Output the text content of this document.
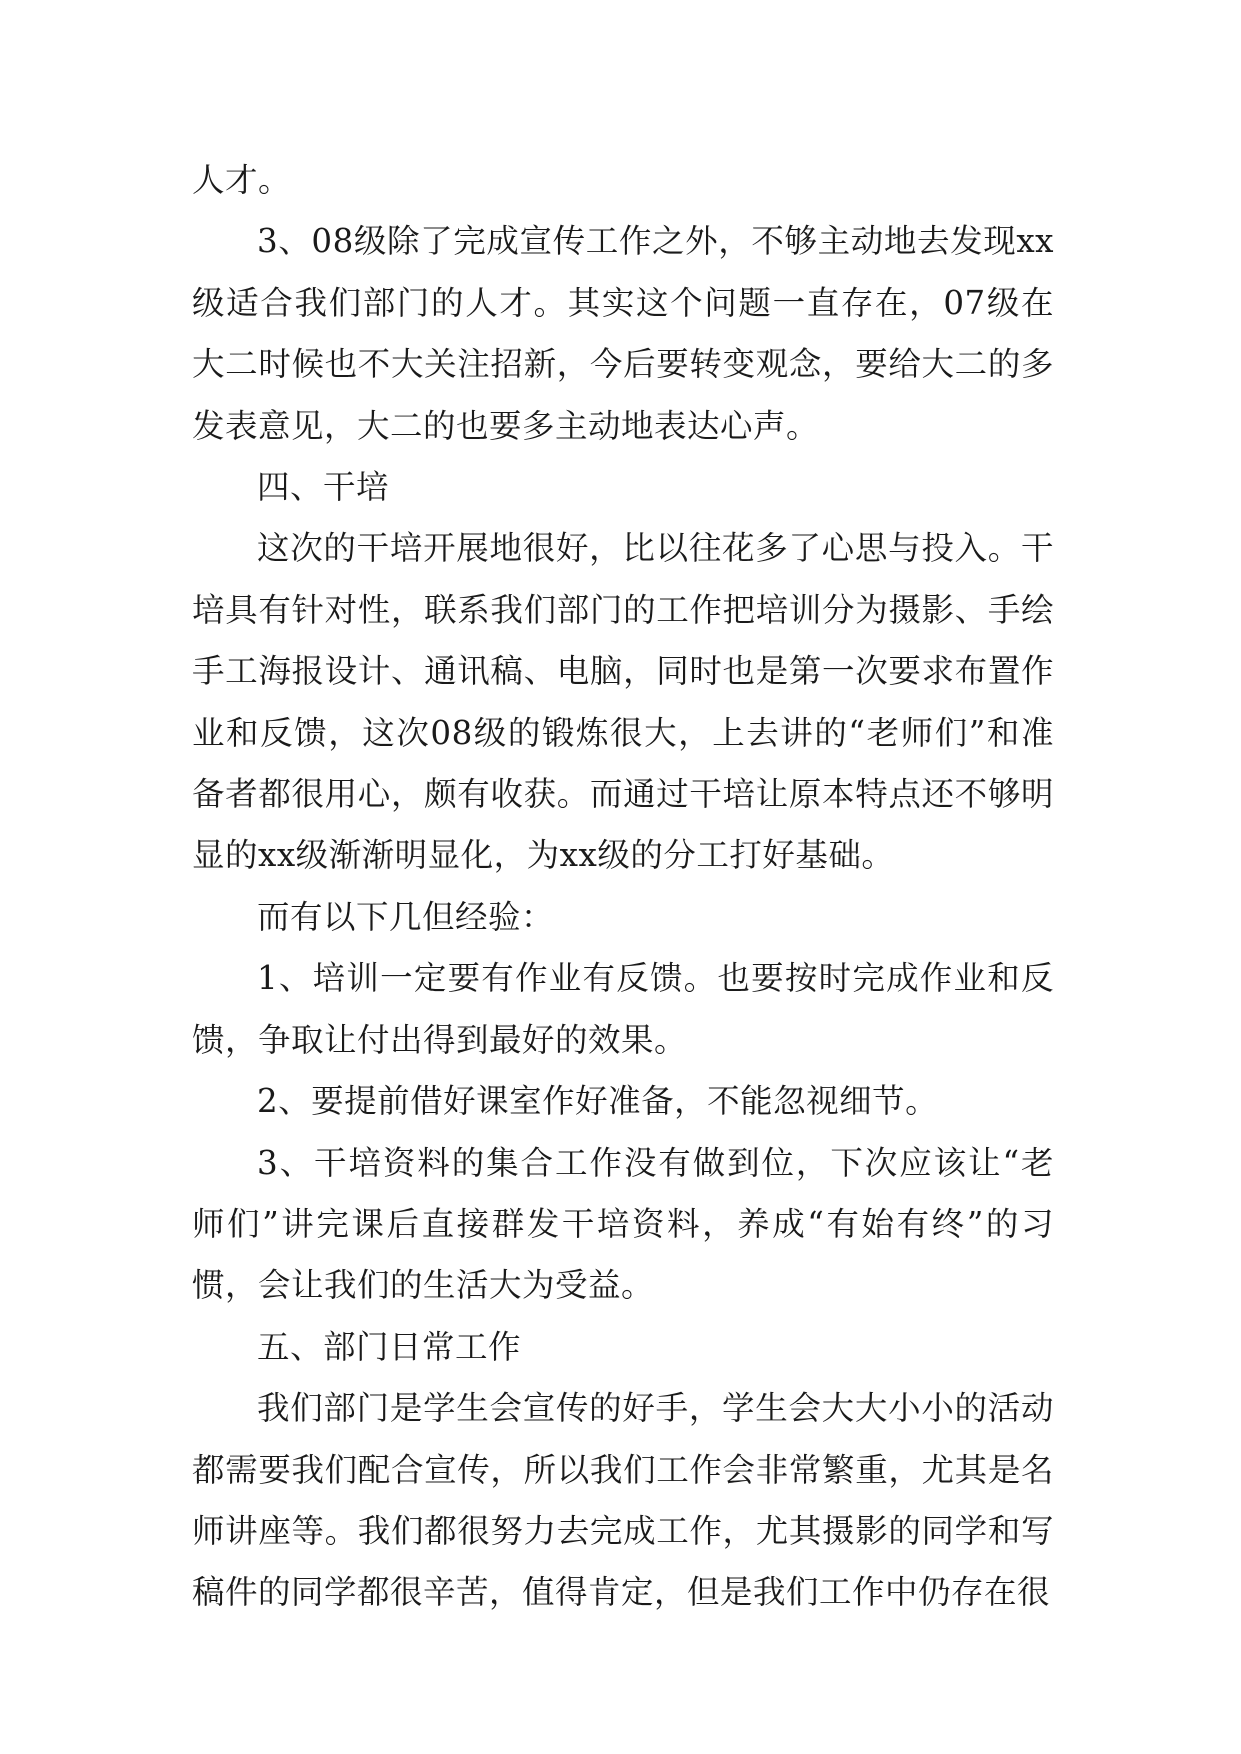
人才。

3、08级除了完成宣传工作之外，不够主动地去发现xx级适合我们部门的人才。其实这个问题一直存在，07级在大二时候也不大关注招新，今后要转变观念，要给大二的多发表意见，大二的也要多主动地表达心声。

四、干培

这次的干培开展地很好，比以往花多了心思与投入。干培具有针对性，联系我们部门的工作把培训分为摄影、手绘手工海报设计、通讯稿、电脑，同时也是第一次要求布置作业和反馈，这次08级的锻炼很大，上去讲的“老师们”和准备者都很用心，颇有收获。而通过干培让原本特点还不够明显的xx级渐渐明显化，为xx级的分工打好基础。

而有以下几但经验：

1、培训一定要有作业有反馈。也要按时完成作业和反馈，争取让付出得到最好的效果。

2、要提前借好课室作好准备，不能忽视细节。

3、干培资料的集合工作没有做到位，下次应该让“老师们”讲完课后直接群发干培资料，养成“有始有终”的习惯，会让我们的生活大为受益。

五、部门日常工作

我们部门是学生会宣传的好手，学生会大大小小的活动都需要我们配合宣传，所以我们工作会非常繁重，尤其是名师讲座等。我们都很努力去完成工作，尤其摄影的同学和写稿件的同学都很辛苦，值得肯定，但是我们工作中仍存在很
